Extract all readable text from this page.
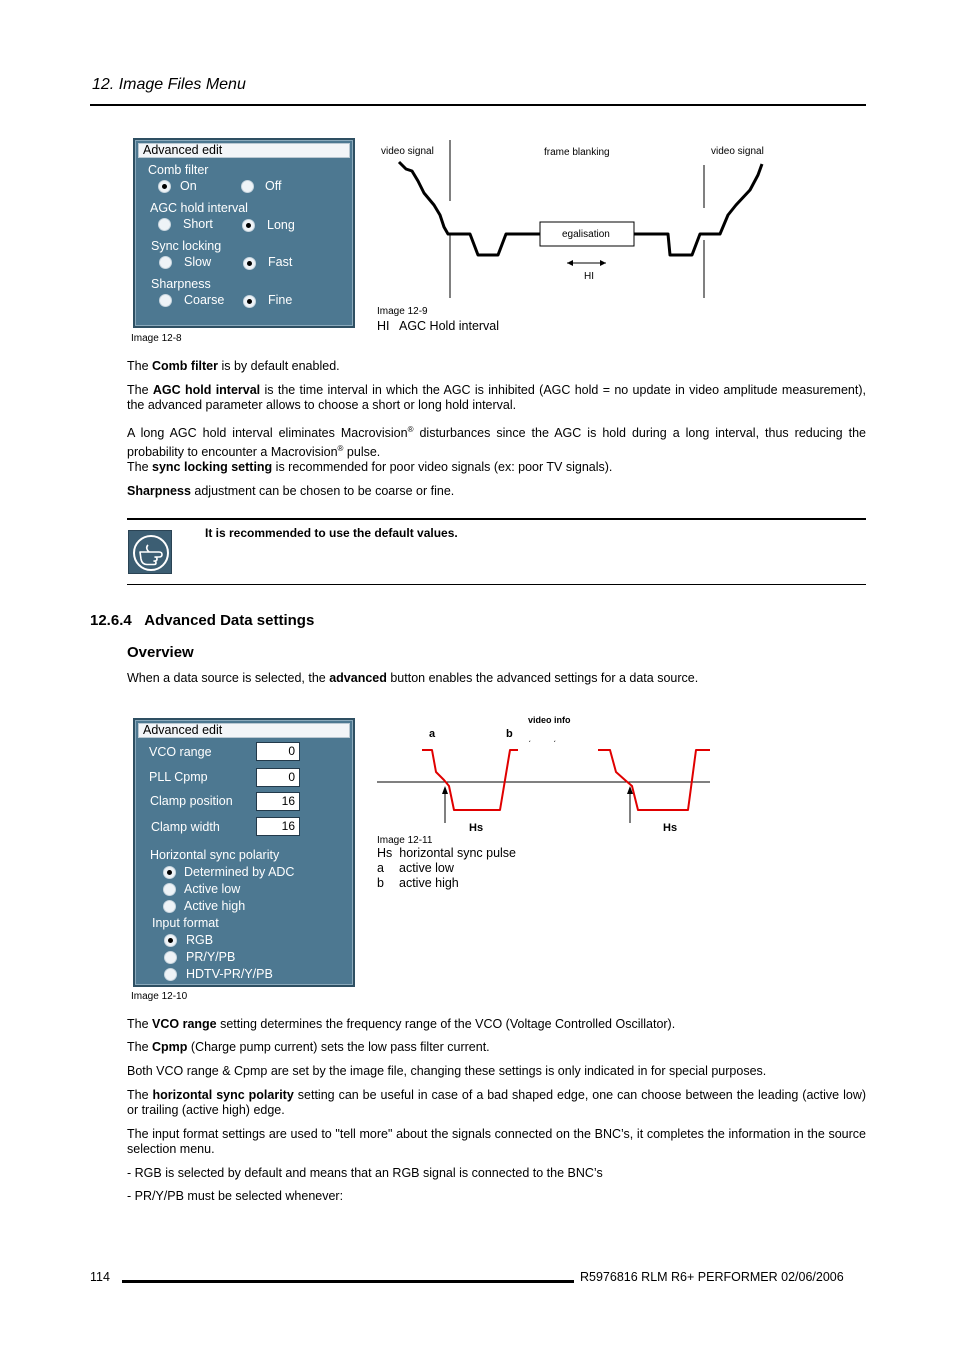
12. Image Files Menu
Advanced edit
Comb filter
On	Off
AGC hold interval
Short	Long
Sync locking
Slow	Fast
Sharpness
Coarse	Fine
Image 12-8
video signal	frame blanking	video signal
egalisation
HI
Image 12-9
HI AGC Hold interval
The Comb filter is by default enabled.
The AGC hold interval is the time interval in which the AGC is inhibited (AGC hold = no update in video amplitude measurement), the advanced parameter allows to choose a short or long hold interval.
A long AGC hold interval eliminates Macrovision® disturbances since the AGC is hold during a long interval, thus reducing the probability to encounter a Macrovision® pulse.
The sync locking setting is recommended for poor video signals (ex: poor TV signals).
Sharpness adjustment can be chosen to be coarse or fine.
It is recommended to use the default values.
12.6.4 Advanced Data settings
Overview
When a data source is selected, the advanced button enables the advanced settings for a data source.
Advanced edit
VCO range	0
PLL Cpmp	0
Clamp position	16
Clamp width	16
Horizontal sync polarity
Determined by ADC
Active low
Active high
Input format
RGB
PR/Y/PB
HDTV-PR/Y/PB
Image 12-10
video info
a	b ˏ ˏ
Hs	Hs
Image 12-11
Hs horizontal sync pulse
a active low
b active high
The VCO range setting determines the frequency range of the VCO (Voltage Controlled Oscillator).
The Cpmp (Charge pump current) sets the low pass filter current.
Both VCO range & Cpmp are set by the image file, changing these settings is only indicated in for special purposes.
The horizontal sync polarity setting can be useful in case of a bad shaped edge, one can choose between the leading (active low) or trailing (active high) edge.
The input format settings are used to "tell more" about the signals connected on the BNC’s, it completes the information in the source selection menu.
- RGB is selected by default and means that an RGB signal is connected to the BNC’s
- PR/Y/PB must be selected whenever:
114	R5976816 RLM R6+ PERFORMER 02/06/2006
